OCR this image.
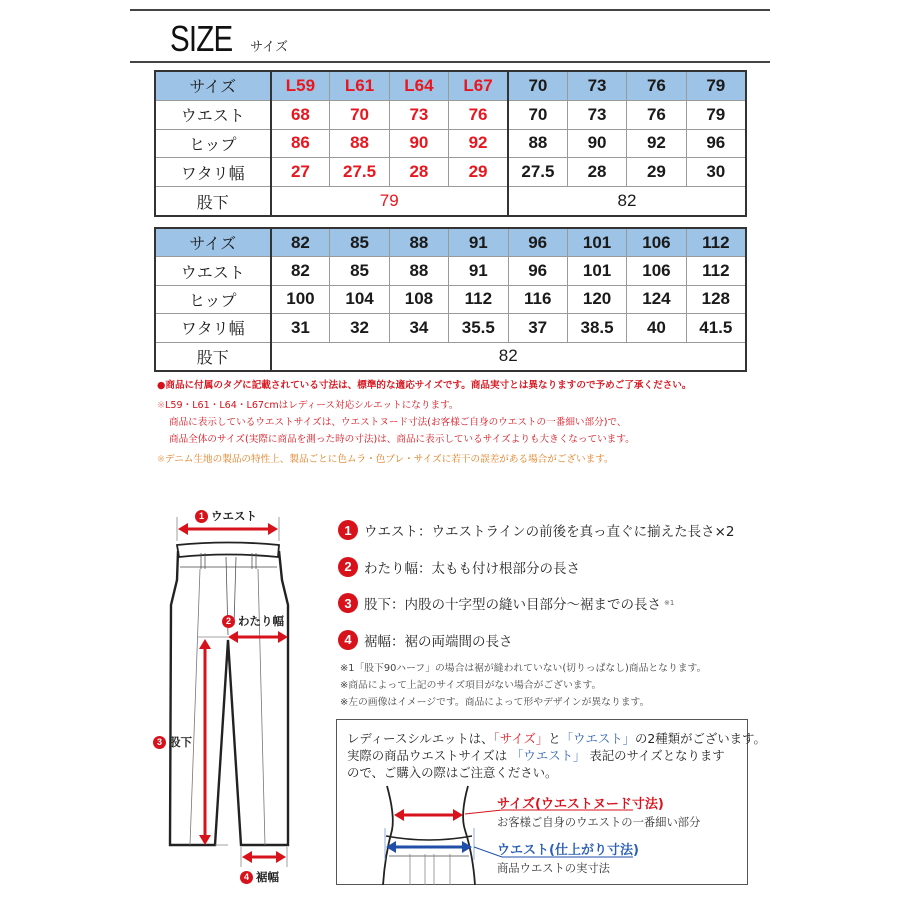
SIZE サイズ
サイズ	L59	L61	L64	L67	70	73	76	79
ウエスト	68	70	73	76	70	73	76	79
ヒップ	86	88	90	92	88	90	92	96
ワタリ幅	27	27.5	28	29	27.5	28	29	30
股下	79				82			
サイズ	82	85	88	91	96	101	106	112
ウエスト	82	85	88	91	96	101	106	112
ヒップ	100	104	108	112	116	120	124	128
ワタリ幅	31	32	34	35.5	37	38.5	40	41.5
股下	82							
●商品に付属のタグに記載されている寸法は、標準的な適応サイズです。商品実寸とは異なりますので予めご了承ください。
※L59・L61・L64・L67cmはレディース対応シルエットになります。
商品に表示しているウエストサイズは、ウエストヌード寸法(お客様ご自身のウエストの一番細い部分)で、
商品全体のサイズ(実際に商品を測った時の寸法)は、商品に表示しているサイズよりも大きくなっています。
※デニム生地の製品の特性上、製品ごとに色ムラ・色ブレ・サイズに若干の誤差がある場合がございます。
1 ウエスト
2 わたり幅
3 股下
4 裾幅
1 ウエスト：ウエストラインの前後を真っ直ぐに揃えた長さ×2
2 わたり幅：太もも付け根部分の長さ
3 股下：内股の十字型の縫い目部分〜裾までの長さ ※1
4 裾幅：裾の両端間の長さ
※1「股下90ハーフ」の場合は裾が縫われていない(切りっぱなし)商品となります。
※商品によって上記のサイズ項目がない場合がございます。
※左の画像はイメージです。商品によって形やデザインが異なります。
レディースシルエットは、「サイズ」と「ウエスト」の2種類がございます。
実際の商品ウエストサイズは 「ウエスト」 表記のサイズとなります
ので、ご購入の際はご注意ください。
サイズ(ウエストヌード寸法)
お客様ご自身のウエストの一番細い部分
ウエスト(仕上がり寸法)
商品ウエストの実寸法
